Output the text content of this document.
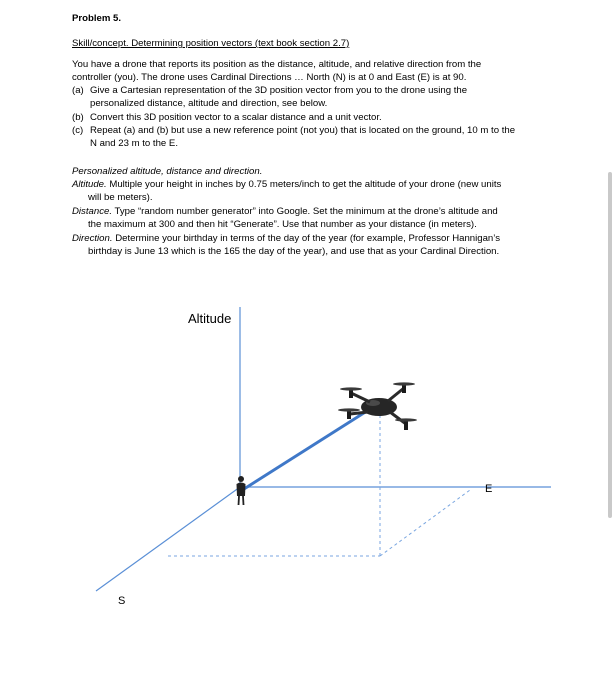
Problem 5.
Skill/concept. Determining position vectors (text book section 2.7)
You have a drone that reports its position as the distance, altitude, and relative direction from the
controller (you). The drone uses Cardinal Directions … North (N) is at 0 and East (E) is at 90.
(a) Give a Cartesian representation of the 3D position vector from you to the drone using the
personalized distance, altitude and direction, see below.
(b) Convert this 3D position vector to a scalar distance and a unit vector.
(c) Repeat (a) and (b) but use a new reference point (not you) that is located on the ground, 10 m to the
N and 23 m to the E.
Personalized altitude, distance and direction.
Altitude. Multiple your height in inches by 0.75 meters/inch to get the altitude of your drone (new units
will be meters).
Distance. Type “random number generator” into Google. Set the minimum at the drone’s altitude and
the maximum at 300 and then hit “Generate”. Use that number as your distance (in meters).
Direction. Determine your birthday in terms of the day of the year (for example, Professor Hannigan’s
birthday is June 13 which is the 165 the day of the year), and use that as your Cardinal Direction.
Altitude
E
S
